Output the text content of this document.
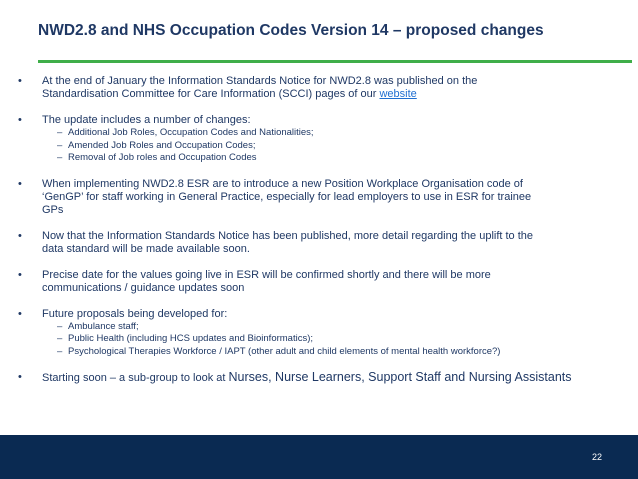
NWD2.8 and NHS Occupation Codes Version 14 – proposed changes
• At the end of January the Information Standards Notice for NWD2.8 was published on the
Standardisation Committee for Care Information (SCCI) pages of our website
• The update includes a number of changes:
– Additional Job Roles, Occupation Codes and Nationalities;
– Amended Job Roles and Occupation Codes;
– Removal of Job roles and Occupation Codes
• When implementing NWD2.8 ESR are to introduce a new Position Workplace Organisation code of
‘GenGP’ for staff working in General Practice, especially for lead employers to use in ESR for trainee
GPs
• Now that the Information Standards Notice has been published, more detail regarding the uplift to the
data standard will be made available soon.
• Precise date for the values going live in ESR will be confirmed shortly and there will be more
communications / guidance updates soon
• Future proposals being developed for:
– Ambulance staff;
– Public Health (including HCS updates and Bioinformatics);
– Psychological Therapies Workforce / IAPT (other adult and child elements of mental health workforce?)
• Starting soon – a sub-group to look at Nurses, Nurse Learners, Support Staff and Nursing Assistants
22
